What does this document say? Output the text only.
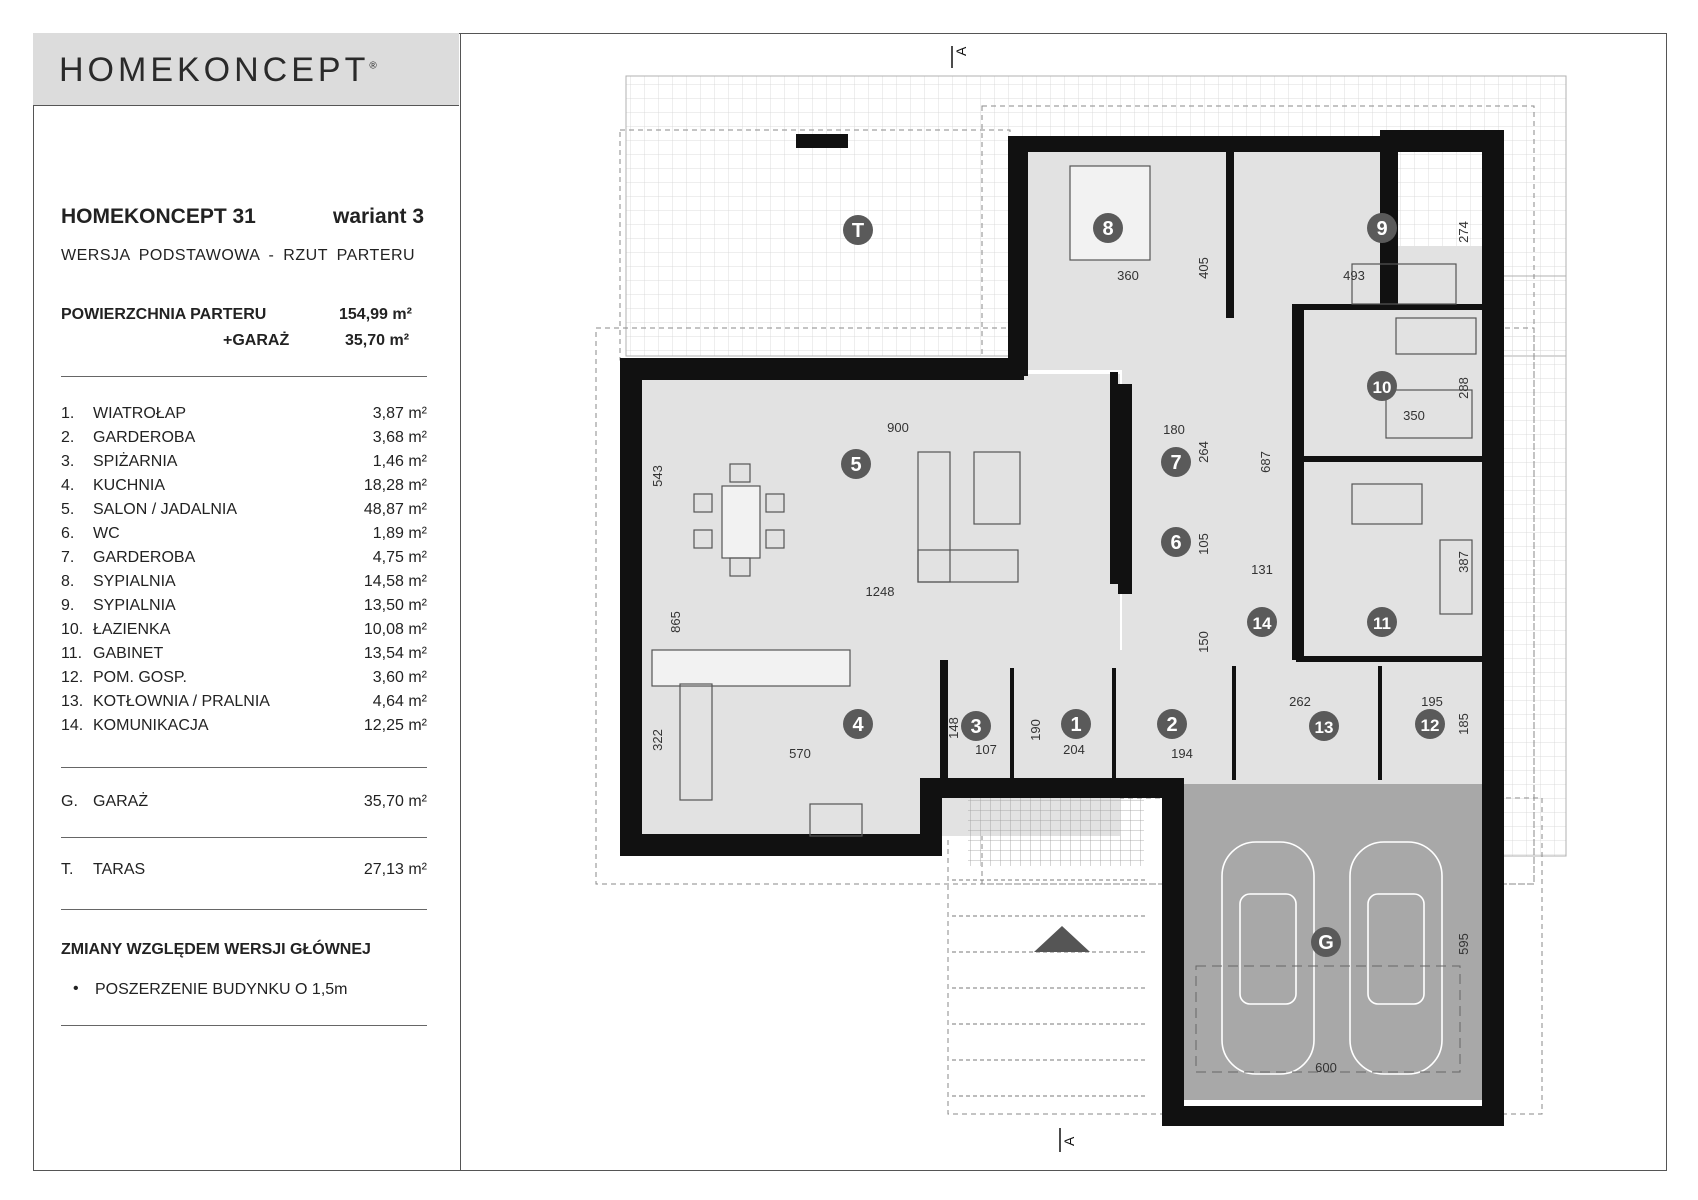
HOMEKONCEPT®
HOMEKONCEPT 31	wariant 3
WERSJA PODSTAWOWA - RZUT PARTERU
POWIERZCHNIA PARTERU	154,99 m²
+GARAŻ	35,70 m²
1. WIATROŁAP	3,87 m²
2. GARDEROBA	3,68 m²
3. SPIŻARNIA	1,46 m²
4. KUCHNIA	18,28 m²
5. SALON / JADALNIA	48,87 m²
6. WC	1,89 m²
7. GARDEROBA	4,75 m²
8. SYPIALNIA	14,58 m²
9. SYPIALNIA	13,50 m²
10. ŁAZIENKA	10,08 m²
11. GABINET	13,54 m²
12. POM. GOSP.	3,60 m²
13. KOTŁOWNIA / PRALNIA	4,64 m²
14. KOMUNIKACJA	12,25 m²
G. GARAŻ	35,70 m²
T. TARAS	27,13 m²
ZMIANY WZGLĘDEM WERSJI GŁÓWNEJ
• POSZERZENIE BUDYNKU O 1,5m
A
A
1	2
3
4
5
6
7
8	9
10
11
12
13
14
G
T
900
543
1248
865
322
570
360	405	493
274
288
350
180
264	687
105
131	387
150
148
107
190
204	194
262	195
185
595
600
